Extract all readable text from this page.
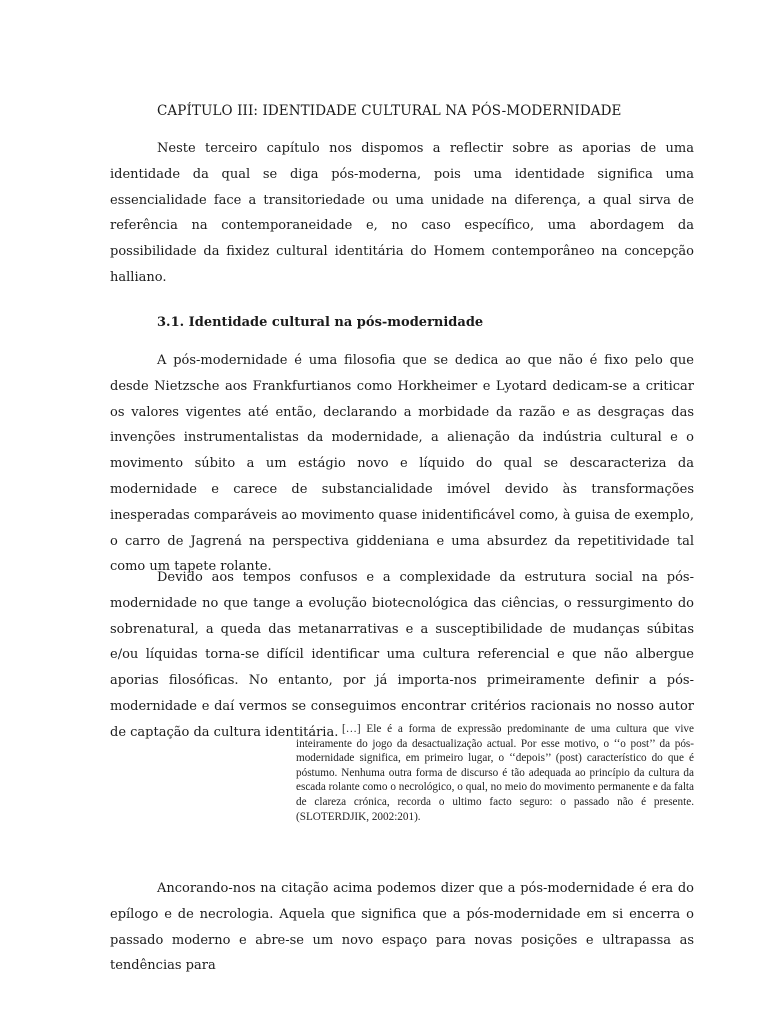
CAPÍTULO III: IDENTIDADE CULTURAL NA PÓS-MODERNIDADE

Neste terceiro capítulo nos dispomos a reflectir sobre as aporias de uma identidade da qual se diga pós-moderna, pois uma identidade significa uma essencialidade face a transitoriedade ou uma unidade na diferença, a qual sirva de referência na contemporaneidade e, no caso específico, uma abordagem da possibilidade da fixidez cultural identitária do Homem contemporâneo na concepção halliano.

3.1. Identidade cultural na pós-modernidade

A pós-modernidade é uma filosofia que se dedica ao que não é fixo pelo que desde Nietzsche aos Frankfurtianos como Horkheimer e Lyotard dedicam-se a criticar os valores vigentes até então, declarando a morbidade da razão e as desgraças das invenções instrumentalistas da modernidade, a alienação da indústria cultural e o movimento súbito a um estágio novo e líquido do qual se descaracteriza da modernidade e carece de substancialidade imóvel devido às transformações inesperadas comparáveis ao movimento quase inidentificável como, à guisa de exemplo, o carro de Jagrená na perspectiva giddeniana e uma absurdez da repetitividade tal como um tapete rolante.

Devido aos tempos confusos e a complexidade da estrutura social na pós-modernidade no que tange a evolução biotecnológica das ciências, o ressurgimento do sobrenatural, a queda das metanarrativas e a susceptibilidade de mudanças súbitas e/ou líquidas torna-se difícil identificar uma cultura referencial e que não albergue aporias filosóficas. No entanto, por já importa-nos primeiramente definir a pós-modernidade e daí vermos se conseguimos encontrar critérios racionais no nosso autor de captação da cultura identitária. […] Ele é a forma de expressão predominante de uma cultura que vive inteiramente do jogo da desactualização actual. Por esse motivo, o ‘‘o post’’ da pós-modernidade significa, em primeiro lugar, o ‘‘depois’’ (post) característico do que é póstumo. Nenhuma outra forma de discurso é tão adequada ao princípio da cultura da escada rolante como o necrológico, o qual, no meio do movimento permanente e da falta de clareza crónica, recorda o ultimo facto seguro: o passado não é presente. (SLOTERDJIK, 2002:201).

Ancorando-nos na citação acima podemos dizer que a pós-modernidade é era do epílogo e de necrologia. Aquela que significa que a pós-modernidade em si encerra o passado moderno e abre-se um novo espaço para novas posições e ultrapassa as tendências para
